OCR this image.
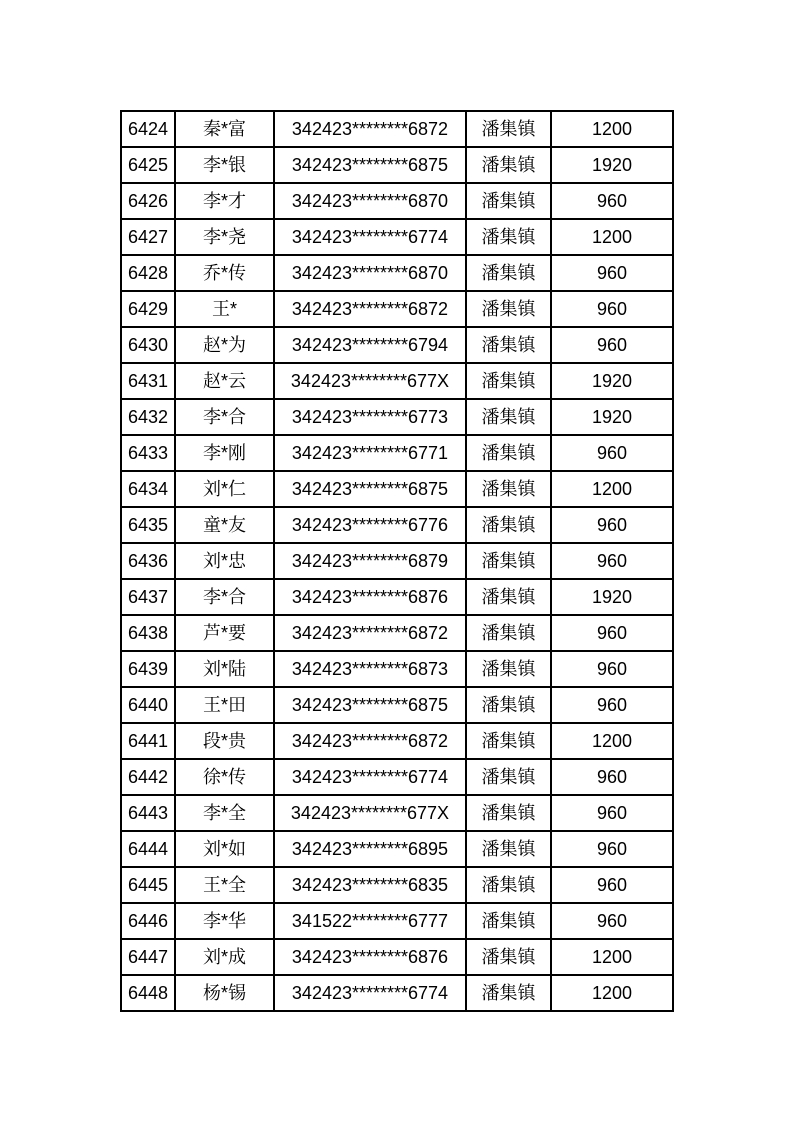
6424	秦*富	342423********6872	潘集镇	1200
6425	李*银	342423********6875	潘集镇	1920
6426	李*才	342423********6870	潘集镇	960
6427	李*尧	342423********6774	潘集镇	1200
6428	乔*传	342423********6870	潘集镇	960
6429	王*	342423********6872	潘集镇	960
6430	赵*为	342423********6794	潘集镇	960
6431	赵*云	342423********677X	潘集镇	1920
6432	李*合	342423********6773	潘集镇	1920
6433	李*刚	342423********6771	潘集镇	960
6434	刘*仁	342423********6875	潘集镇	1200
6435	童*友	342423********6776	潘集镇	960
6436	刘*忠	342423********6879	潘集镇	960
6437	李*合	342423********6876	潘集镇	1920
6438	芦*要	342423********6872	潘集镇	960
6439	刘*陆	342423********6873	潘集镇	960
6440	王*田	342423********6875	潘集镇	960
6441	段*贵	342423********6872	潘集镇	1200
6442	徐*传	342423********6774	潘集镇	960
6443	李*全	342423********677X	潘集镇	960
6444	刘*如	342423********6895	潘集镇	960
6445	王*全	342423********6835	潘集镇	960
6446	李*华	341522********6777	潘集镇	960
6447	刘*成	342423********6876	潘集镇	1200
6448	杨*锡	342423********6774	潘集镇	1200
